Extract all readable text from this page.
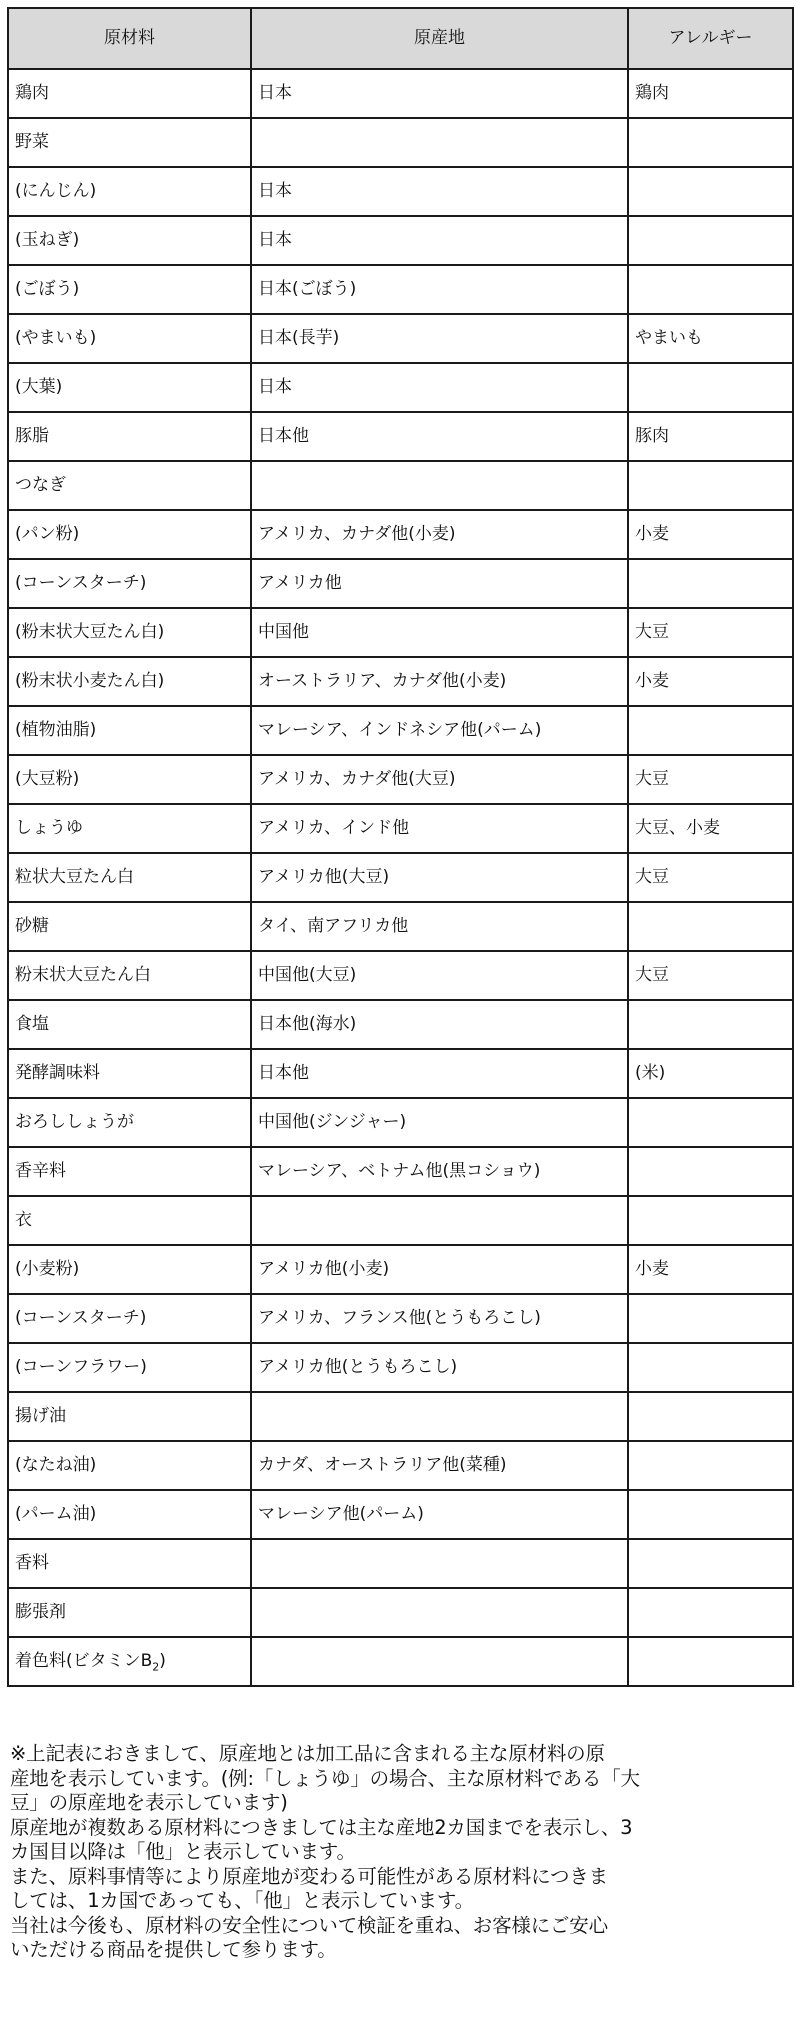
原材料	原産地	アレルギー
鶏肉	日本	鶏肉
野菜		
(にんじん)	日本	
(玉ねぎ)	日本	
(ごぼう)	日本(ごぼう)	
(やまいも)	日本(長芋)	やまいも
(大葉)	日本	
豚脂	日本他	豚肉
つなぎ		
(パン粉)	アメリカ、カナダ他(小麦)	小麦
(コーンスターチ)	アメリカ他	
(粉末状大豆たん白)	中国他	大豆
(粉末状小麦たん白)	オーストラリア、カナダ他(小麦)	小麦
(植物油脂)	マレーシア、インドネシア他(パーム)	
(大豆粉)	アメリカ、カナダ他(大豆)	大豆
しょうゆ	アメリカ、インド他	大豆、小麦
粒状大豆たん白	アメリカ他(大豆)	大豆
砂糖	タイ、南アフリカ他	
粉末状大豆たん白	中国他(大豆)	大豆
食塩	日本他(海水)	
発酵調味料	日本他	(米)
おろししょうが	中国他(ジンジャー)	
香辛料	マレーシア、ベトナム他(黒コショウ)	
衣		
(小麦粉)	アメリカ他(小麦)	小麦
(コーンスターチ)	アメリカ、フランス他(とうもろこし)	
(コーンフラワー)	アメリカ他(とうもろこし)	
揚げ油		
(なたね油)	カナダ、オーストラリア他(菜種)	
(パーム油)	マレーシア他(パーム)	
香料		
膨張剤		
着色料(ビタミン$B_2$)		

※上記表におきまして、原産地とは加工品に含まれる主な原材料の原

産地を表示しています。(例:「しょうゆ」の場合、主な原材料である「大

豆」の原産地を表示しています)

原産地が複数ある原材料につきましては主な産地2カ国までを表示し、3

カ国目以降は「他」と表示しています。

また、原料事情等により原産地が変わる可能性がある原材料につきま

しては、1カ国であっても、「他」と表示しています。

当社は今後も、原材料の安全性について検証を重ね、お客様にご安心

いただける商品を提供して参ります。
